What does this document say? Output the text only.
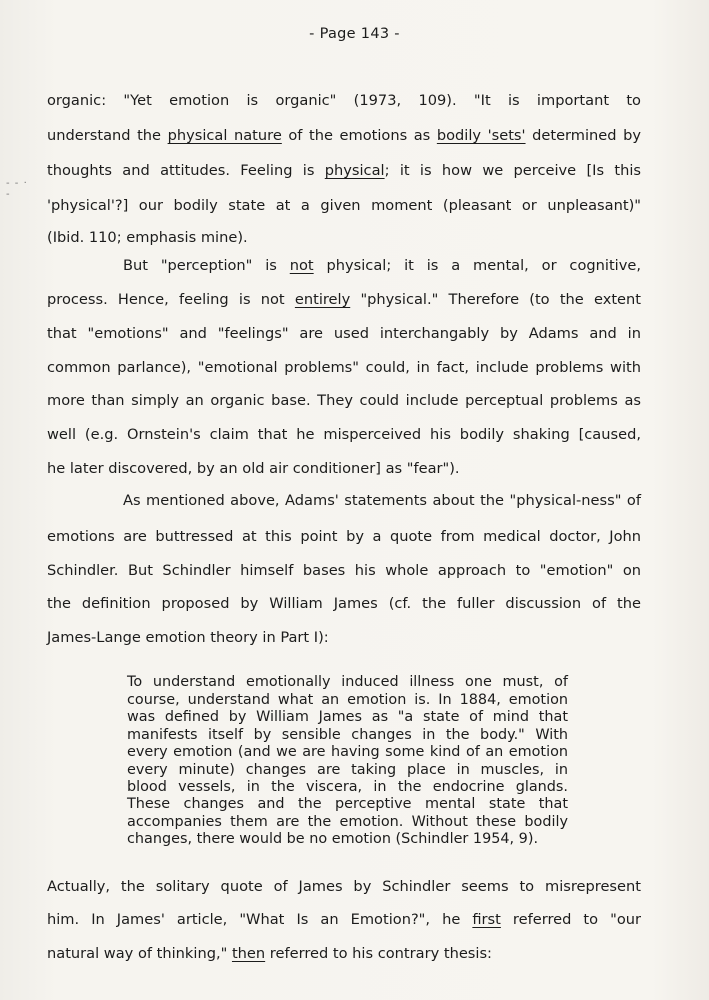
- - · -
- Page 143 -
organic: "Yet emotion is organic" (1973, 109). "It is important to
understand the physical nature of the emotions as bodily 'sets' determined by
thoughts and attitudes. Feeling is physical; it is how we perceive [Is this
'physical'?] our bodily state at a given moment (pleasant or unpleasant)"
(Ibid. 110; emphasis mine).
But "perception" is not physical; it is a mental, or cognitive,
process. Hence, feeling is not entirely "physical." Therefore (to the extent
that "emotions" and "feelings" are used interchangably by Adams and in
common parlance), "emotional problems" could, in fact, include problems with
more than simply an organic base. They could include perceptual problems as
well (e.g. Ornstein's claim that he misperceived his bodily shaking [caused,
he later discovered, by an old air conditioner] as "fear").
As mentioned above, Adams' statements about the "physical-ness" of
emotions are buttressed at this point by a quote from medical doctor, John
Schindler. But Schindler himself bases his whole approach to "emotion" on
the definition proposed by William James (cf. the fuller discussion of the
James-Lange emotion theory in Part I):
To understand emotionally induced illness one must, of
course, understand what an emotion is. In 1884, emotion
was defined by William James as "a state of mind that
manifests itself by sensible changes in the body." With
every emotion (and we are having some kind of an emotion
every minute) changes are taking place in muscles, in
blood vessels, in the viscera, in the endocrine glands.
These changes and the perceptive mental state that
accompanies them are the emotion. Without these bodily
changes, there would be no emotion (Schindler 1954, 9).
Actually, the solitary quote of James by Schindler seems to misrepresent
him. In James' article, "What Is an Emotion?", he first referred to "our
natural way of thinking," then referred to his contrary thesis:
